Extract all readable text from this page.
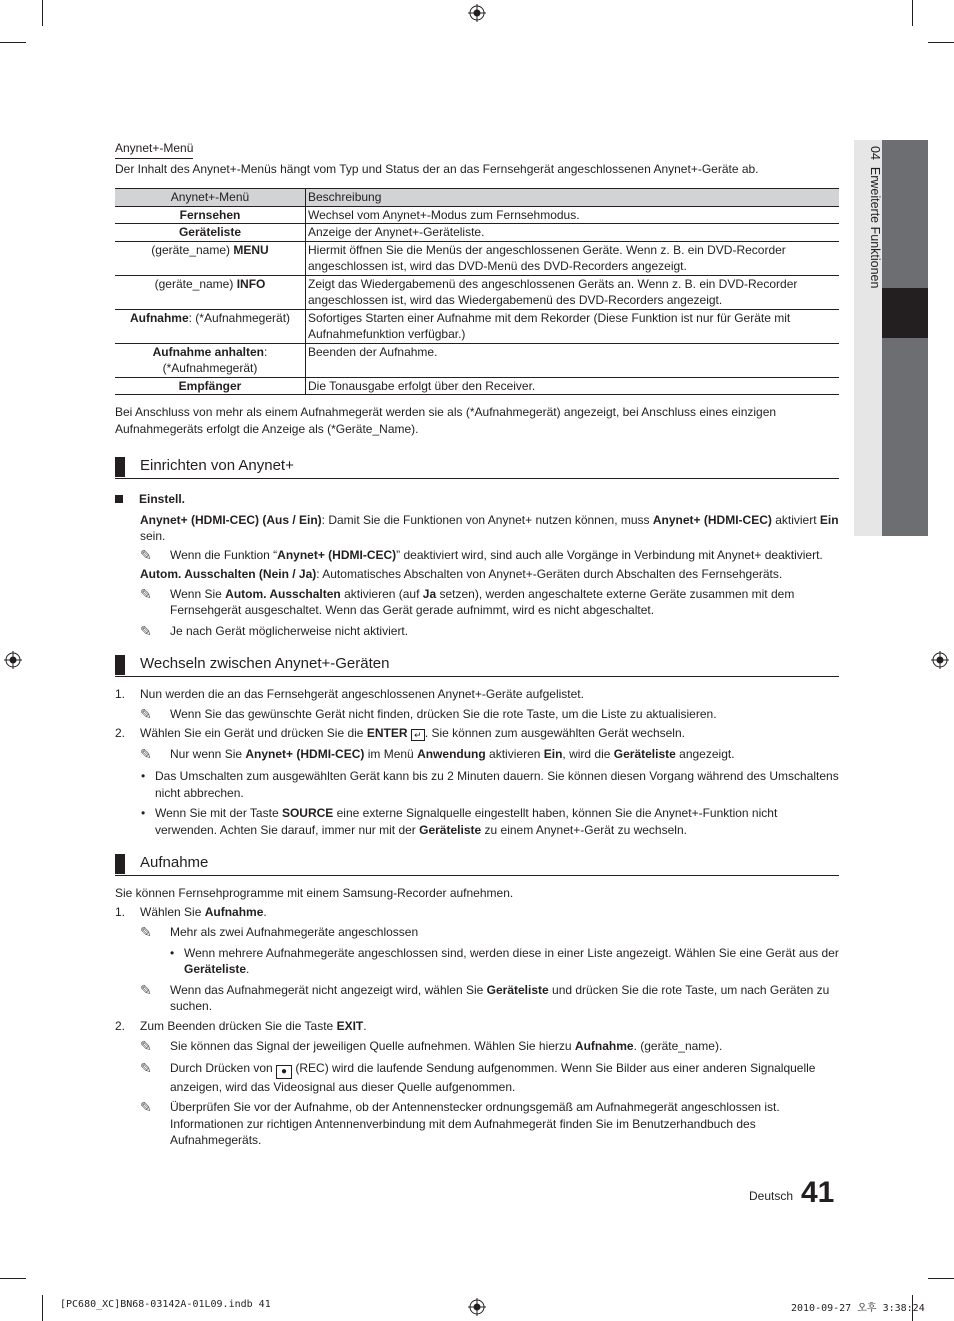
04  Erweiterte Funktionen
Anynet+-Menü

Der Inhalt des Anynet+-Menüs hängt vom Typ und Status der an das Fernsehgerät angeschlossenen Anynet+-Geräte ab.

Anynet+-Menü	Beschreibung
Fernsehen	Wechsel vom Anynet+-Modus zum Fernsehmodus.
Geräteliste	Anzeige der Anynet+-Geräteliste.
(geräte_name) MENU	Hiermit öffnen Sie die Menüs der angeschlossenen Geräte. Wenn z. B. ein DVD-Recorder angeschlossen ist, wird das DVD-Menü des DVD-Recorders angezeigt.
(geräte_name) INFO	Zeigt das Wiedergabemenü des angeschlossenen Geräts an. Wenn z. B. ein DVD-Recorder angeschlossen ist, wird das Wiedergabemenü des DVD-Recorders angezeigt.
Aufnahme: (*Aufnahmegerät)	Sofortiges Starten einer Aufnahme mit dem Rekorder (Diese Funktion ist nur für Geräte mit Aufnahmefunktion verfügbar.)
Aufnahme anhalten:
(*Aufnahmegerät)	Beenden der Aufnahme.
Empfänger	Die Tonausgabe erfolgt über den Receiver.

Bei Anschluss von mehr als einem Aufnahmegerät werden sie als (*Aufnahmegerät) angezeigt, bei Anschluss eines einzigen Aufnahmegeräts erfolgt die Anzeige als (*Geräte_Name).

Einrichten von Anynet+

Einstell.

Anynet+ (HDMI-CEC) (Aus / Ein): Damit Sie die Funktionen von Anynet+ nutzen können, muss Anynet+ (HDMI-CEC) aktiviert Ein sein.

✎ Wenn die Funktion “Anynet+ (HDMI-CEC)” deaktiviert wird, sind auch alle Vorgänge in Verbindung mit Anynet+ deaktiviert.

Autom. Ausschalten (Nein / Ja): Automatisches Abschalten von Anynet+-Geräten durch Abschalten des Fernsehgeräts.

✎ Wenn Sie Autom. Ausschalten aktivieren (auf Ja setzen), werden angeschaltete externe Geräte zusammen mit dem Fernsehgerät ausgeschaltet. Wenn das Gerät gerade aufnimmt, wird es nicht abgeschaltet.

✎ Je nach Gerät möglicherweise nicht aktiviert.

Wechseln zwischen Anynet+-Geräten

1. Nun werden die an das Fernsehgerät angeschlossenen Anynet+-Geräte aufgelistet.

✎ Wenn Sie das gewünschte Gerät nicht finden, drücken Sie die rote Taste, um die Liste zu aktualisieren.

2. Wählen Sie ein Gerät und drücken Sie die ENTER ↵ . Sie können zum ausgewählten Gerät wechseln.

✎ Nur wenn Sie Anynet+ (HDMI-CEC) im Menü Anwendung aktivieren Ein, wird die Geräteliste angezeigt.

• Das Umschalten zum ausgewählten Gerät kann bis zu 2 Minuten dauern. Sie können diesen Vorgang während des Umschaltens nicht abbrechen.

• Wenn Sie mit der Taste SOURCE eine externe Signalquelle eingestellt haben, können Sie die Anynet+-Funktion nicht verwenden. Achten Sie darauf, immer nur mit der Geräteliste zu einem Anynet+-Gerät zu wechseln.

Aufnahme

Sie können Fernsehprogramme mit einem Samsung-Recorder aufnehmen.

1. Wählen Sie Aufnahme.

✎ Mehr als zwei Aufnahmegeräte angeschlossen

• Wenn mehrere Aufnahmegeräte angeschlossen sind, werden diese in einer Liste angezeigt. Wählen Sie eine Gerät aus der Geräteliste.

✎ Wenn das Aufnahmegerät nicht angezeigt wird, wählen Sie Geräteliste und drücken Sie die rote Taste, um nach Geräten zu suchen.

2. Zum Beenden drücken Sie die Taste EXIT.

✎ Sie können das Signal der jeweiligen Quelle aufnehmen. Wählen Sie hierzu Aufnahme. (geräte_name).

✎ Durch Drücken von ● (REC) wird die laufende Sendung aufgenommen. Wenn Sie Bilder aus einer anderen Signalquelle anzeigen, wird das Videosignal aus dieser Quelle aufgenommen.

✎ Überprüfen Sie vor der Aufnahme, ob der Antennenstecker ordnungsgemäß am Aufnahmegerät angeschlossen ist. Informationen zur richtigen Antennenverbindung mit dem Aufnahmegerät finden Sie im Benutzerhandbuch des Aufnahmegeräts.

Deutsch 41
[PC680_XC]BN68-03142A-01L09.indb 41	2010-09-27 오후 3:38:24
